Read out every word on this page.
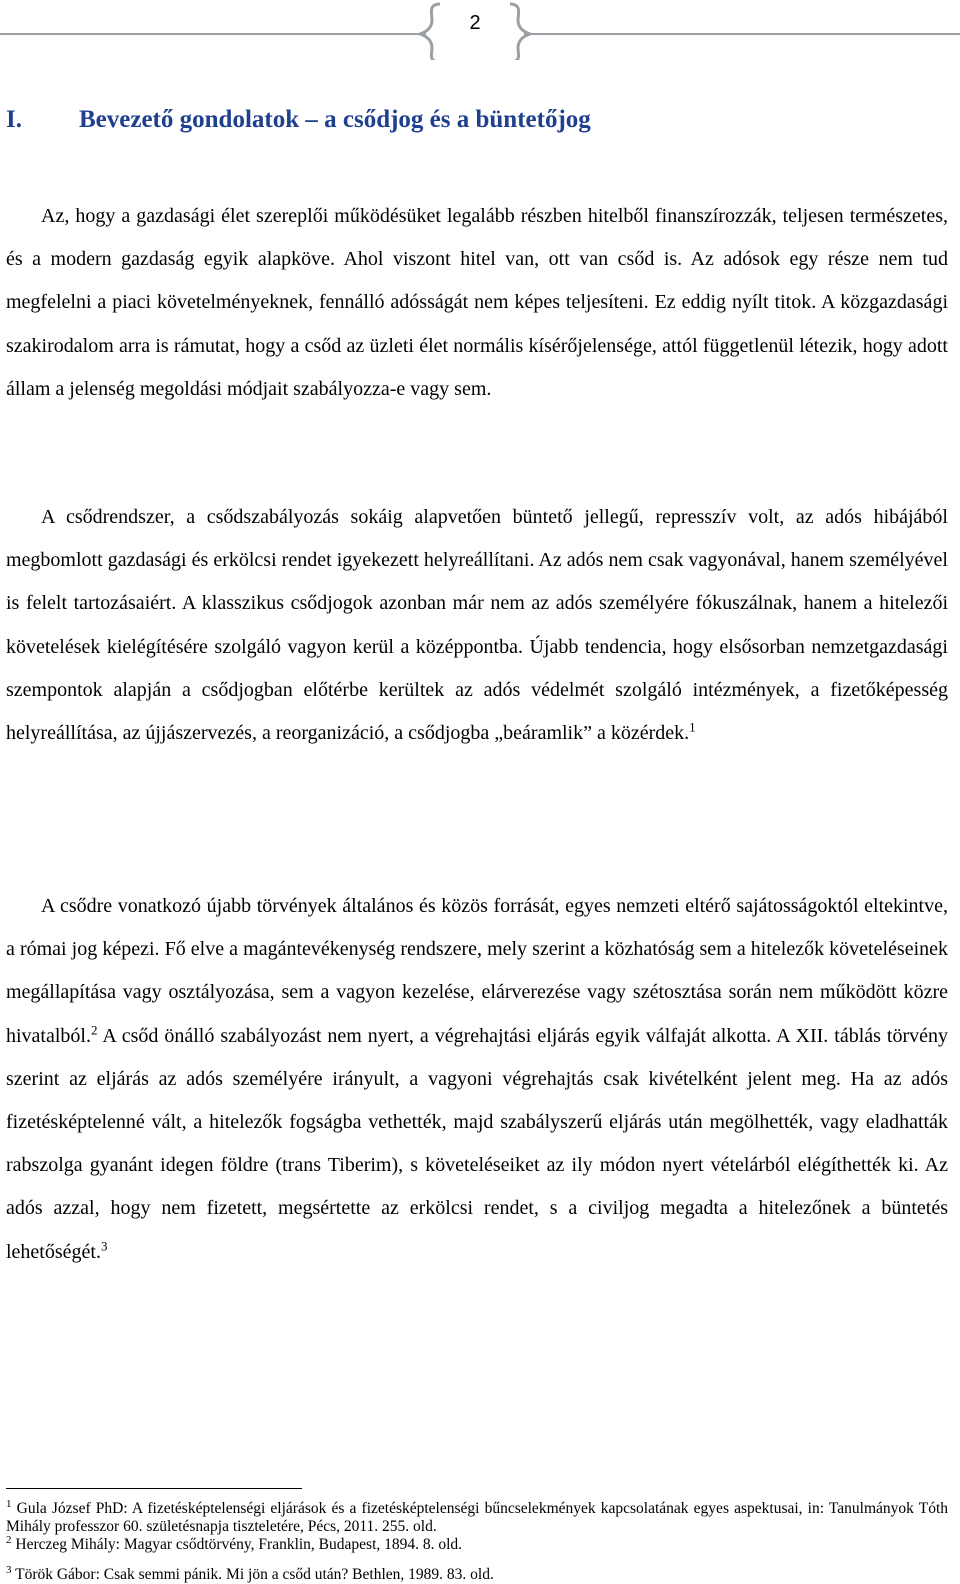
2
I. Bevezető gondolatok – a csődjog és a büntetőjog

Az, hogy a gazdasági élet szereplői működésüket legalább részben hitelből finanszírozzák, teljesen természetes, és a modern gazdaság egyik alapköve. Ahol viszont hitel van, ott van csőd is. Az adósok egy része nem tud megfelelni a piaci követelményeknek, fennálló adósságát nem képes teljesíteni. Ez eddig nyílt titok. A közgazdasági szakirodalom arra is rámutat, hogy a csőd az üzleti élet normális kísérőjelensége, attól függetlenül létezik, hogy adott állam a jelenség megoldási módjait szabályozza-e vagy sem.

A csődrendszer, a csődszabályozás sokáig alapvetően büntető jellegű, represszív volt, az adós hibájából megbomlott gazdasági és erkölcsi rendet igyekezett helyreállítani. Az adós nem csak vagyonával, hanem személyével is felelt tartozásaiért. A klasszikus csődjogok azonban már nem az adós személyére fókuszálnak, hanem a hitelezői követelések kielégítésére szolgáló vagyon kerül a középpontba. Újabb tendencia, hogy elsősorban nemzetgazdasági szempontok alapján a csődjogban előtérbe kerültek az adós védelmét szolgáló intézmények, a fizetőképesség helyreállítása, az újjászervezés, a reorganizáció, a csődjogba „beáramlik” a közérdek.$^1$

A csődre vonatkozó újabb törvények általános és közös forrását, egyes nemzeti eltérő sajátosságoktól eltekintve, a római jog képezi. Fő elve a magántevékenység rendszere, mely szerint a közhatóság sem a hitelezők követeléseinek megállapítása vagy osztályozása, sem a vagyon kezelése, elárverezése vagy szétosztása során nem működött közre hivatalból.$^2$ A csőd önálló szabályozást nem nyert, a végrehajtási eljárás egyik válfaját alkotta. A XII. táblás törvény szerint az eljárás az adós személyére irányult, a vagyoni végrehajtás csak kivételként jelent meg. Ha az adós fizetésképtelenné vált, a hitelezők fogságba vethették, majd szabályszerű eljárás után megölhették, vagy eladhatták rabszolga gyanánt idegen földre (trans Tiberim), s követeléseiket az ily módon nyert vételárból elégíthették ki. Az adós azzal, hogy nem fizetett, megsértette az erkölcsi rendet, s a civiljog megadta a hitelezőnek a büntetés lehetőségét.$^3$

$^1$ Gula József PhD: A fizetésképtelenségi eljárások és a fizetésképtelenségi bűncselekmények kapcsolatának egyes aspektusai, in: Tanulmányok Tóth Mihály professzor 60. születésnapja tiszteletére, Pécs, 2011. 255. old.

$^2$ Herczeg Mihály: Magyar csődtörvény, Franklin, Budapest, 1894. 8. old.

$^3$ Török Gábor: Csak semmi pánik. Mi jön a csőd után? Bethlen, 1989. 83. old.
